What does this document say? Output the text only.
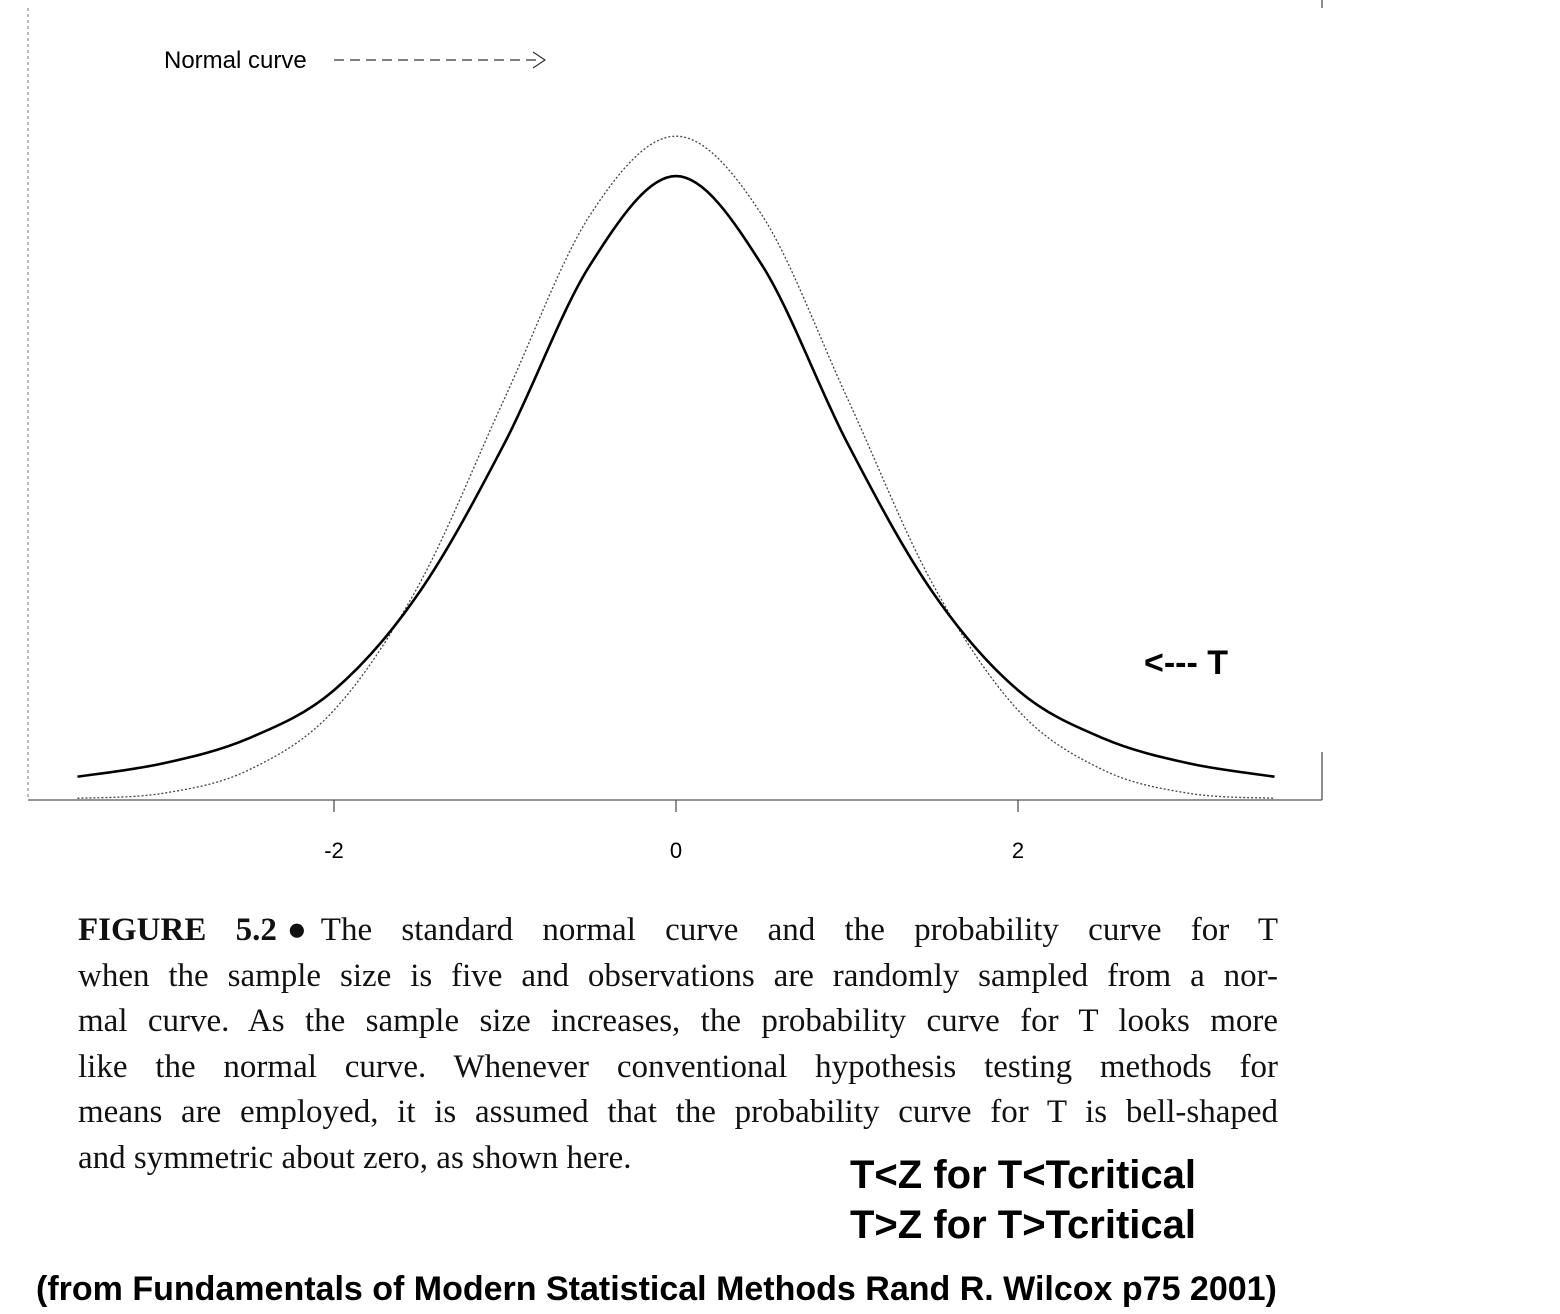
-2	0	2
Normal curve
<--- T
FIGURE 5.2 ● The standard normal curve and the probability curve for T
when the sample size is five and observations are randomly sampled from a nor-
mal curve. As the sample size increases, the probability curve for T looks more
like the normal curve. Whenever conventional hypothesis testing methods for
means are employed, it is assumed that the probability curve for T is bell-shaped
and symmetric about zero, as shown here.	T<Z for T<Tcritical
T>Z for T>Tcritical
(from Fundamentals of Modern Statistical Methods Rand R. Wilcox p75 2001)
